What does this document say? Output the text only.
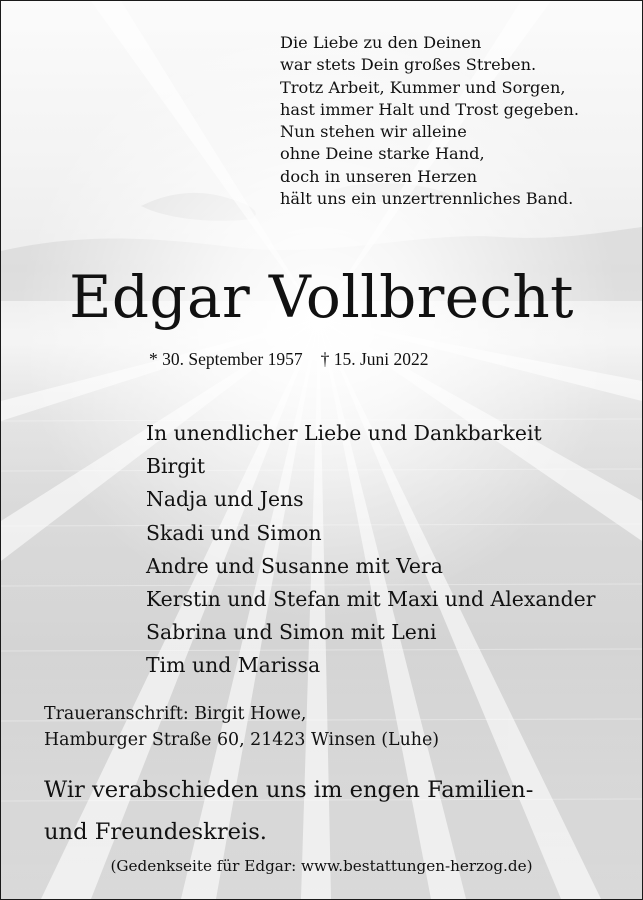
Die Liebe zu den Deinen
war stets Dein großes Streben.
Trotz Arbeit, Kummer und Sorgen,
hast immer Halt und Trost gegeben.
Nun stehen wir alleine
ohne Deine starke Hand,
doch in unseren Herzen
hält uns ein unzertrennliches Band.
Edgar Vollbrecht
* 30. September 1957 † 15. Juni 2022
In unendlicher Liebe und Dankbarkeit
Birgit
Nadja und Jens
Skadi und Simon
Andre und Susanne mit Vera
Kerstin und Stefan mit Maxi und Alexander
Sabrina und Simon mit Leni
Tim und Marissa
Traueranschrift: Birgit Howe,
Hamburger Straße 60, 21423 Winsen (Luhe)
Wir verabschieden uns im engen Familien-
und Freundeskreis.
(Gedenkseite für Edgar: www.bestattungen-herzog.de)
